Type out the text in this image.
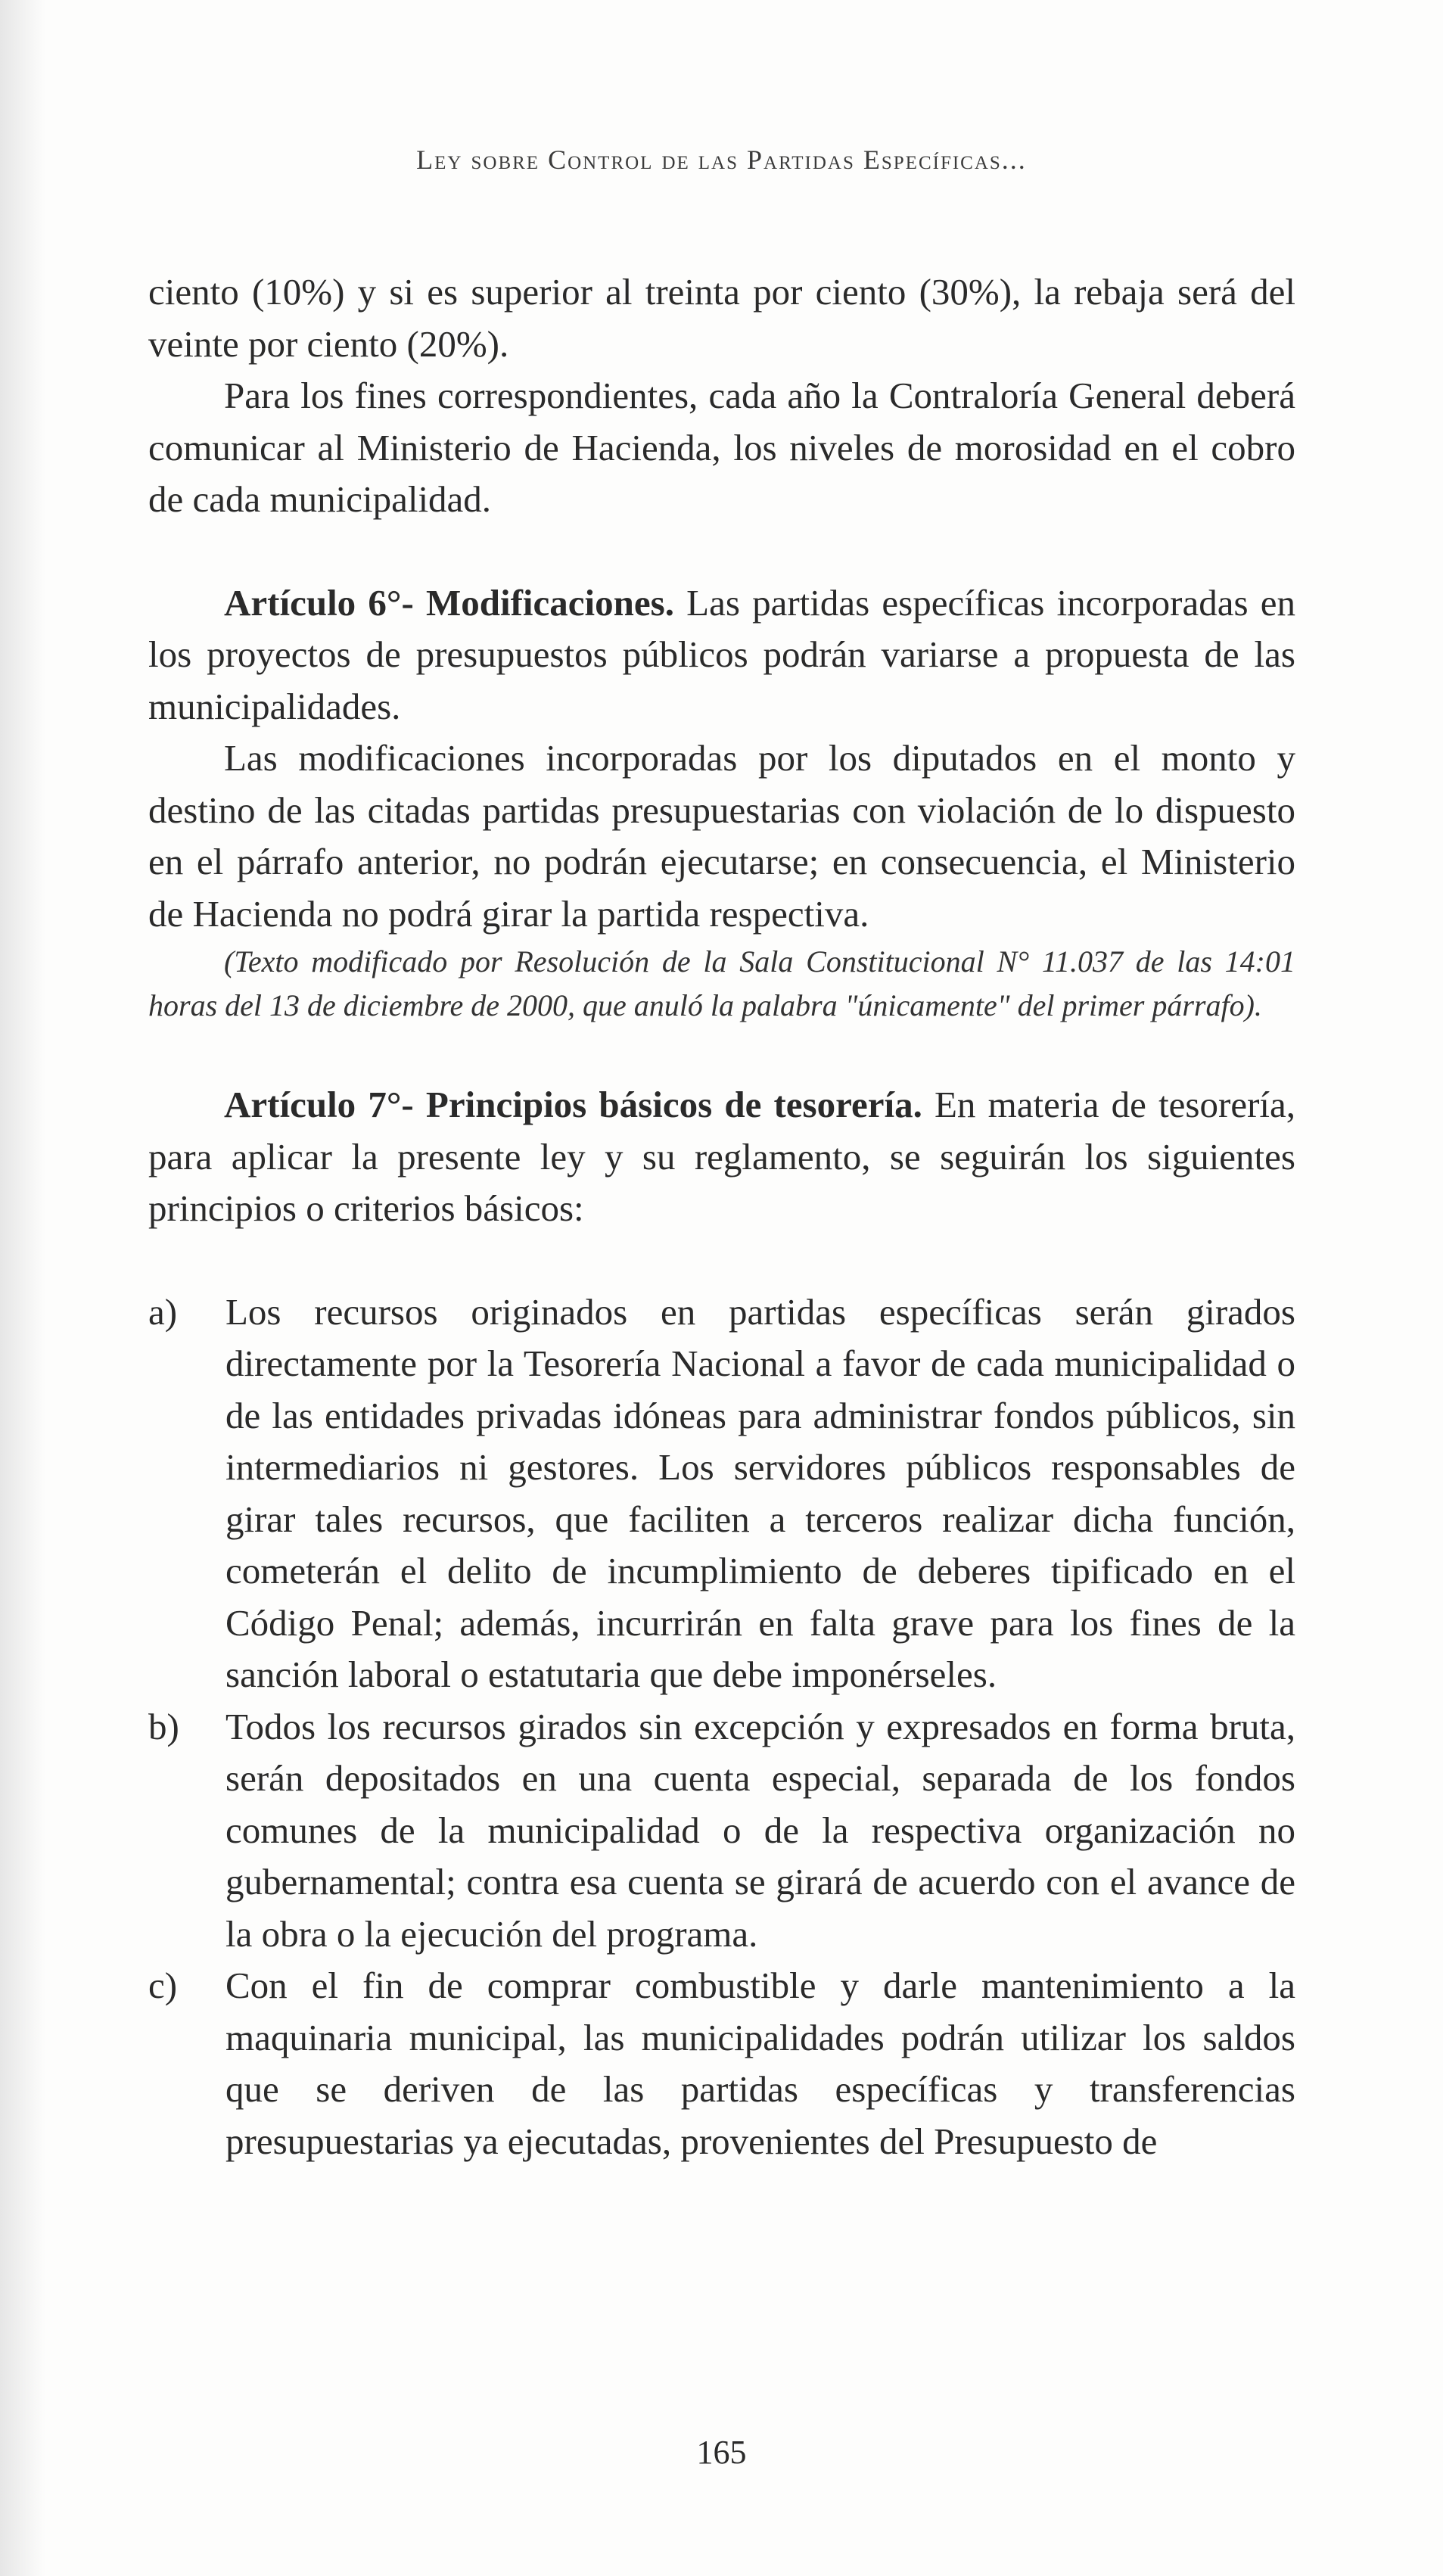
Ley sobre Control de las Partidas Específicas...

ciento (10%) y si es superior al treinta por ciento (30%), la rebaja será del veinte por ciento (20%).

Para los fines correspondientes, cada año la Contraloría General deberá comunicar al Ministerio de Hacienda, los niveles de morosidad en el cobro de cada municipalidad.

Artículo 6°- Modificaciones. Las partidas específicas incorporadas en los proyectos de presupuestos públicos podrán variarse a propuesta de las municipalidades.

Las modificaciones incorporadas por los diputados en el monto y destino de las citadas partidas presupuestarias con violación de lo dispuesto en el párrafo anterior, no podrán ejecutarse; en consecuencia, el Ministerio de Hacienda no podrá girar la partida respectiva.

(Texto modificado por Resolución de la Sala Constitucional N° 11.037 de las 14:01 horas del 13 de diciembre de 2000, que anuló la palabra "únicamente" del primer párrafo).

Artículo 7°- Principios básicos de tesorería. En materia de tesorería, para aplicar la presente ley y su reglamento, se seguirán los siguientes principios o criterios básicos:

a)	Los recursos originados en partidas específicas serán girados directamente por la Tesorería Nacional a favor de cada municipalidad o de las entidades privadas idóneas para administrar fondos públicos, sin intermediarios ni gestores. Los servidores públicos responsables de girar tales recursos, que faciliten a terceros realizar dicha función, cometerán el delito de incumplimiento de deberes tipificado en el Código Penal; además, incurrirán en falta grave para los fines de la sanción laboral o estatutaria que debe imponérseles.
b)	Todos los recursos girados sin excepción y expresados en forma bruta, serán depositados en una cuenta especial, separada de los fondos comunes de la municipalidad o de la respectiva organización no gubernamental; contra esa cuenta se girará de acuerdo con el avance de la obra o la ejecución del programa.
c)	Con el fin de comprar combustible y darle mantenimiento a la maquinaria municipal, las municipalidades podrán utilizar los saldos que se deriven de las partidas específicas y transferencias presupuestarias ya ejecutadas, provenientes del Presupuesto de
165
